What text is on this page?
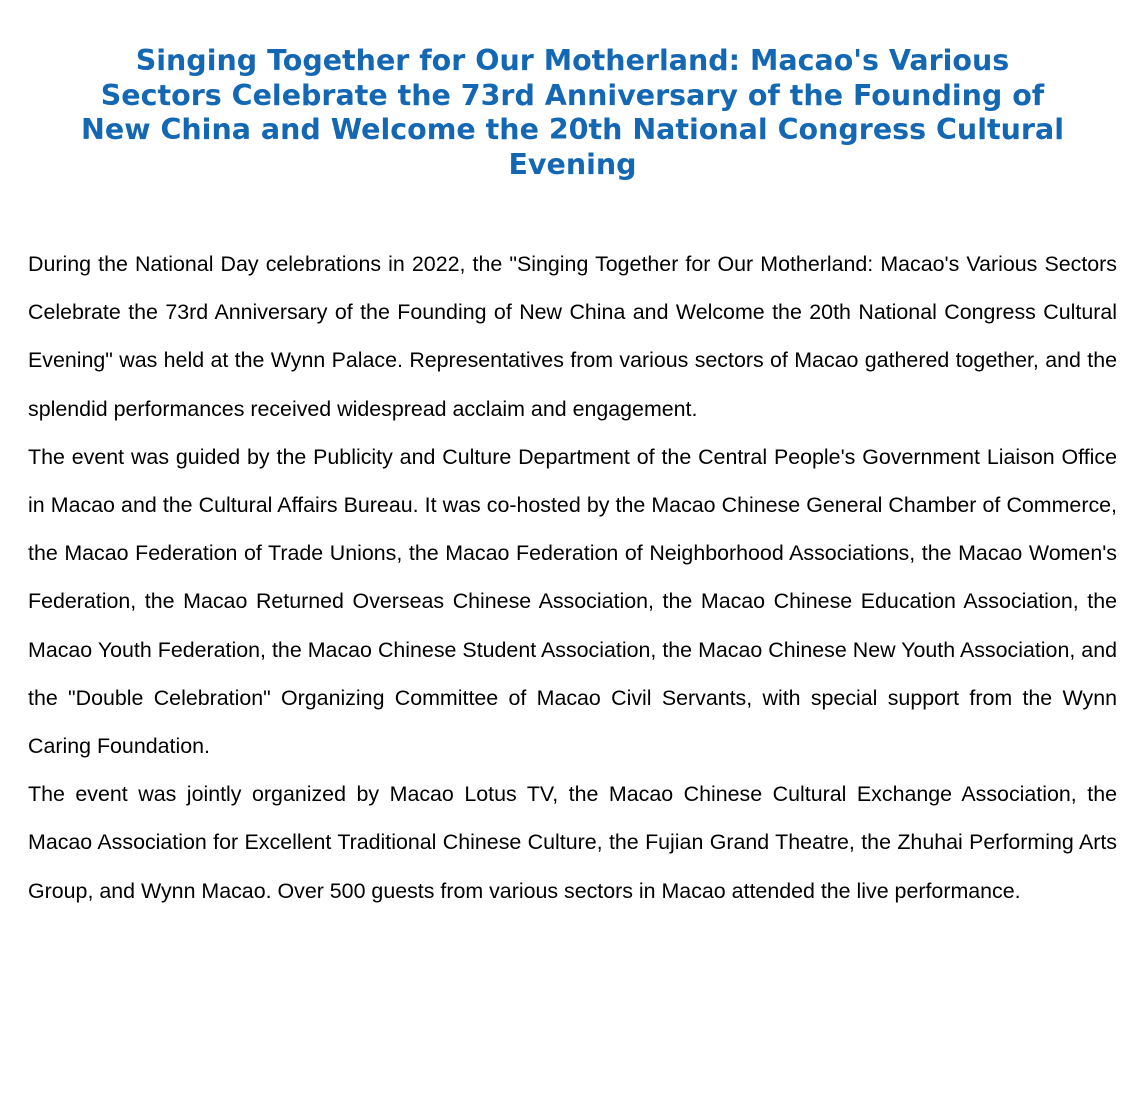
Singing Together for Our Motherland: Macao's Various Sectors Celebrate the 73rd Anniversary of the Founding of New China and Welcome the 20th National Congress Cultural Evening

During the National Day celebrations in 2022, the "Singing Together for Our Motherland: Macao's Various Sectors Celebrate the 73rd Anniversary of the Founding of New China and Welcome the 20th National Congress Cultural Evening" was held at the Wynn Palace. Representatives from various sectors of Macao gathered together, and the splendid performances received widespread acclaim and engagement.

The event was guided by the Publicity and Culture Department of the Central People's Government Liaison Office in Macao and the Cultural Affairs Bureau. It was co-hosted by the Macao Chinese General Chamber of Commerce, the Macao Federation of Trade Unions, the Macao Federation of Neighborhood Associations, the Macao Women's Federation, the Macao Returned Overseas Chinese Association, the Macao Chinese Education Association, the Macao Youth Federation, the Macao Chinese Student Association, the Macao Chinese New Youth Association, and the "Double Celebration" Organizing Committee of Macao Civil Servants, with special support from the Wynn Caring Foundation.

The event was jointly organized by Macao Lotus TV, the Macao Chinese Cultural Exchange Association, the Macao Association for Excellent Traditional Chinese Culture, the Fujian Grand Theatre, the Zhuhai Performing Arts Group, and Wynn Macao. Over 500 guests from various sectors in Macao attended the live performance.
